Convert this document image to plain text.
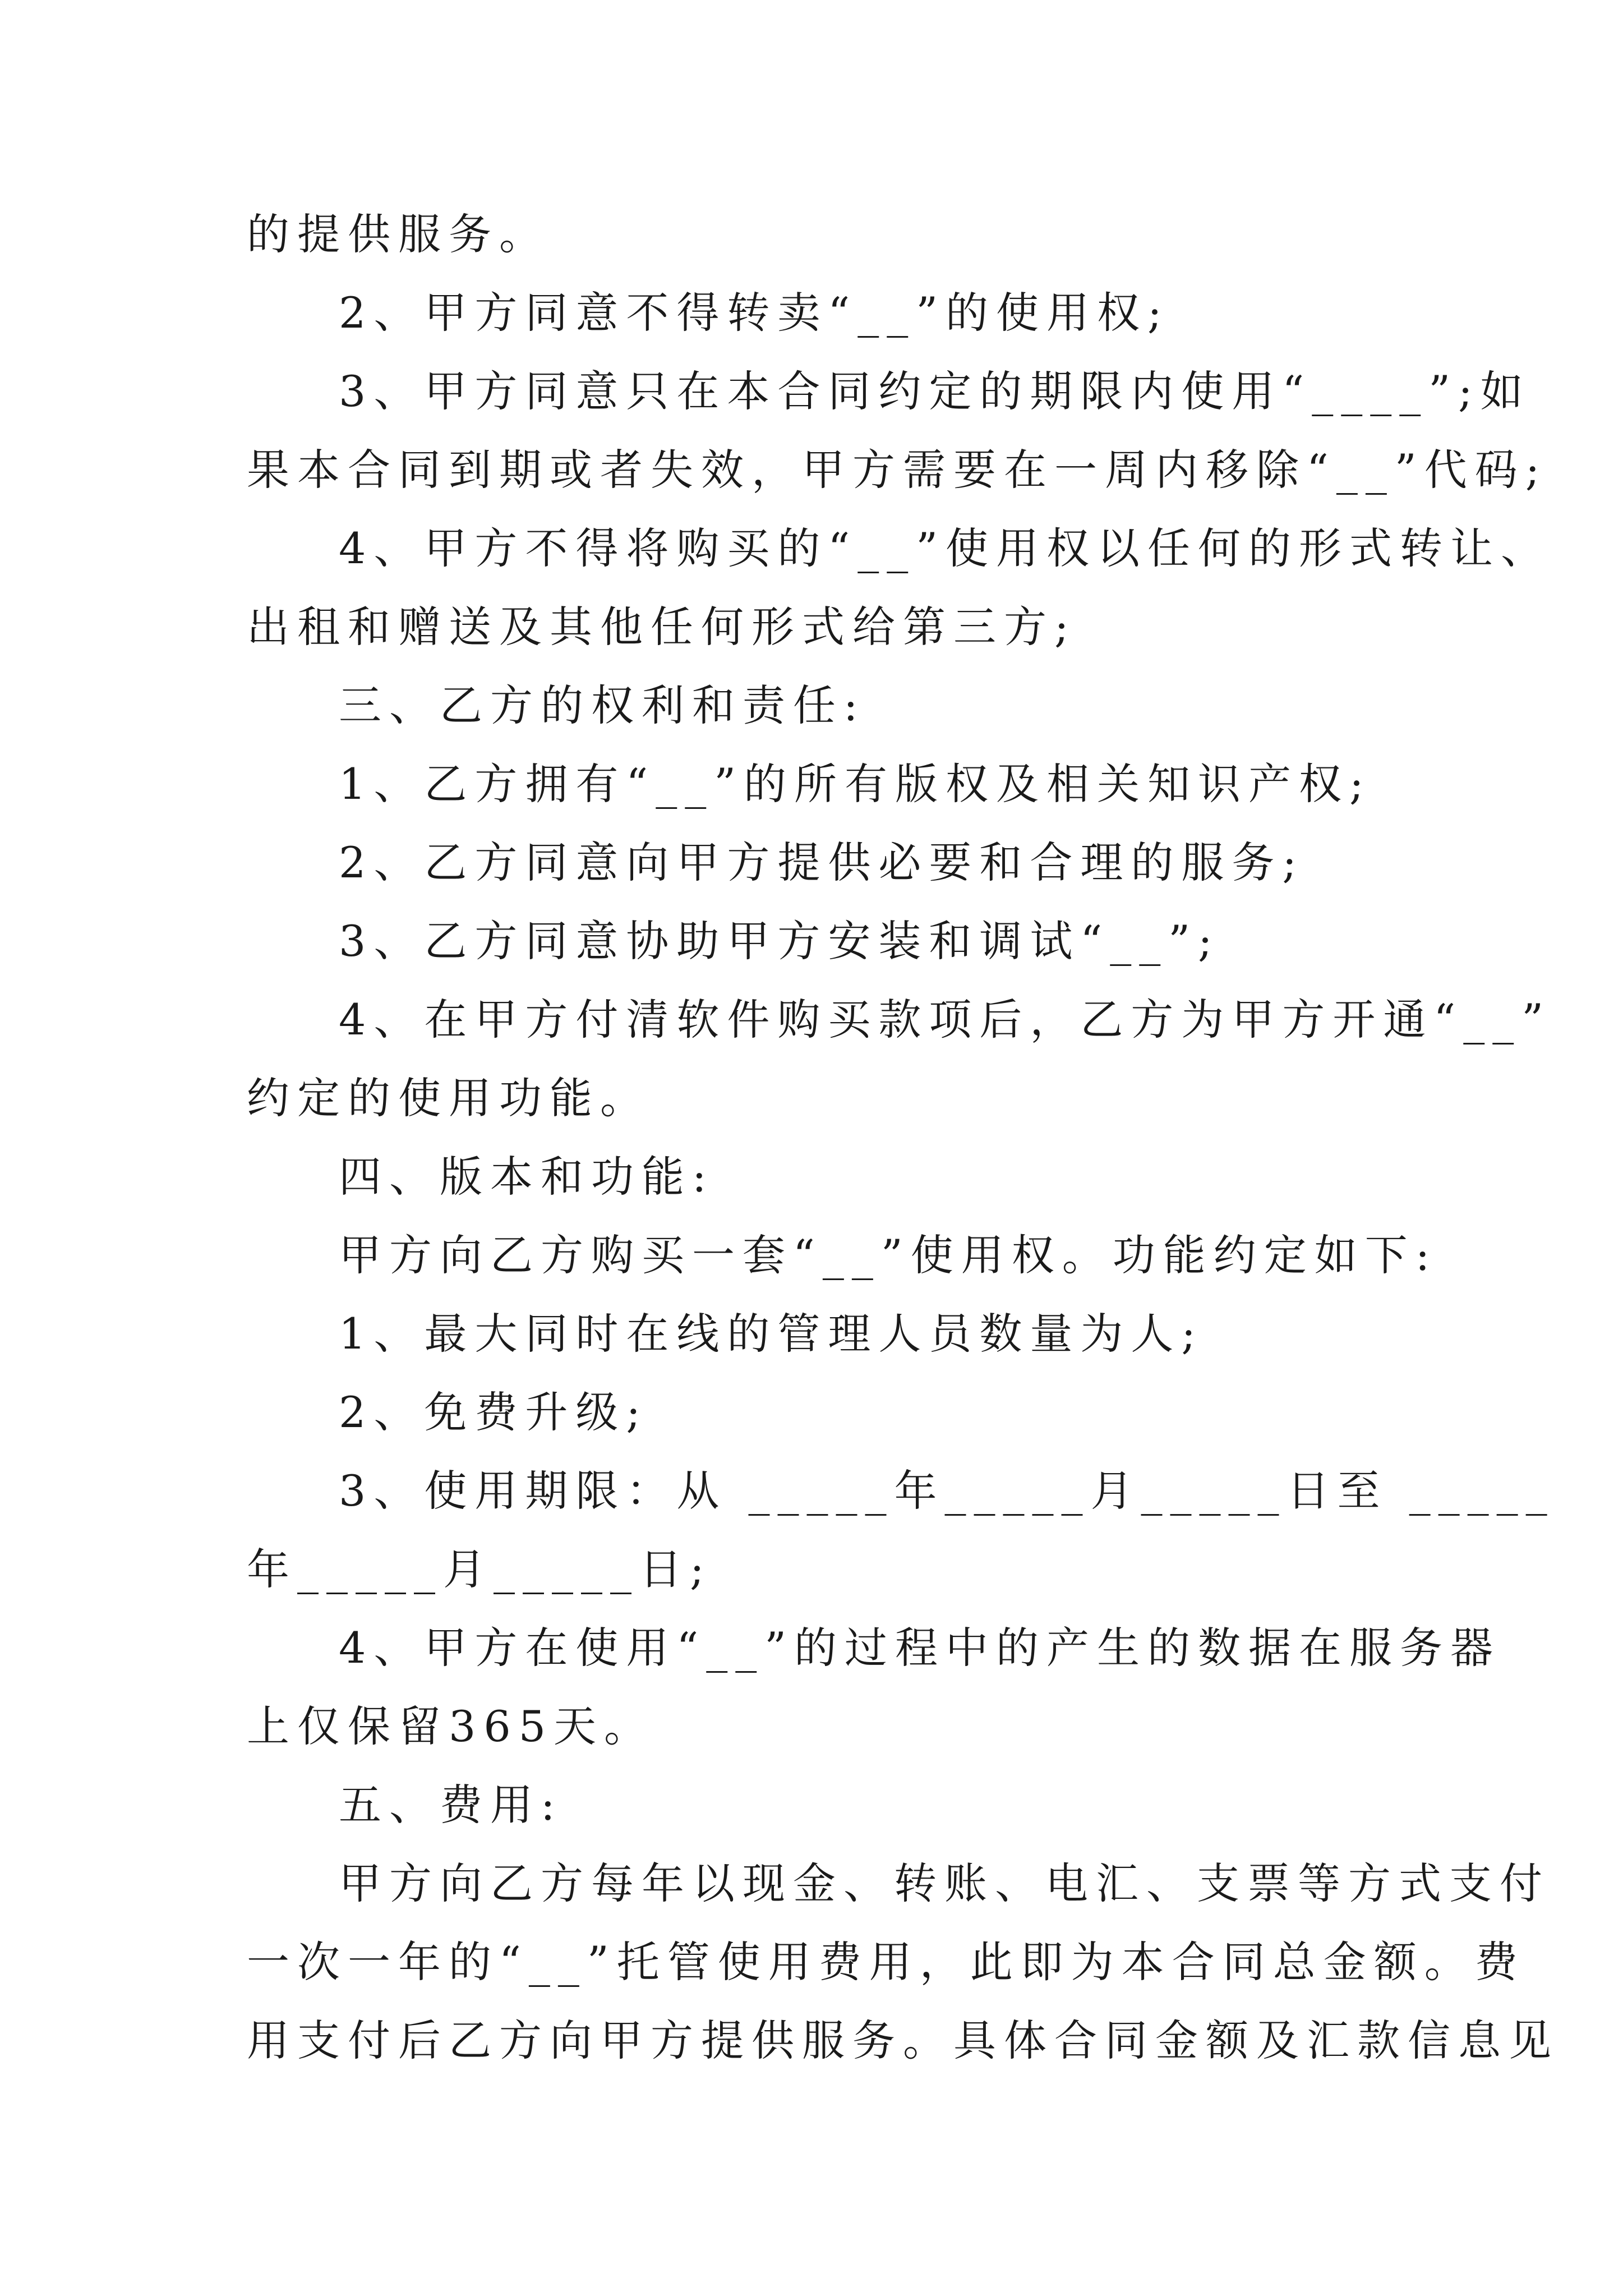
的提供服务。
2、甲方同意不得转卖“__”的使用权;
3、甲方同意只在本合同约定的期限内使用“____”;如
果本合同到期或者失效，甲方需要在一周内移除“__”代码;
4、甲方不得将购买的“__”使用权以任何的形式转让、
出租和赠送及其他任何形式给第三方;
三、乙方的权利和责任:
1、乙方拥有“__”的所有版权及相关知识产权;
2、乙方同意向甲方提供必要和合理的服务;
3、乙方同意协助甲方安装和调试“__”;
4、在甲方付清软件购买款项后，乙方为甲方开通“__”
约定的使用功能。
四、版本和功能:
甲方向乙方购买一套“__”使用权。功能约定如下:
1、最大同时在线的管理人员数量为人;
2、免费升级;
3、使用期限：从 _____年_____月_____日至 _____
年_____月_____日;
4、甲方在使用“__”的过程中的产生的数据在服务器
上仅保留365天。
五、费用:
甲方向乙方每年以现金、转账、电汇、支票等方式支付
一次一年的“__”托管使用费用，此即为本合同总金额。费
用支付后乙方向甲方提供服务。具体合同金额及汇款信息见
